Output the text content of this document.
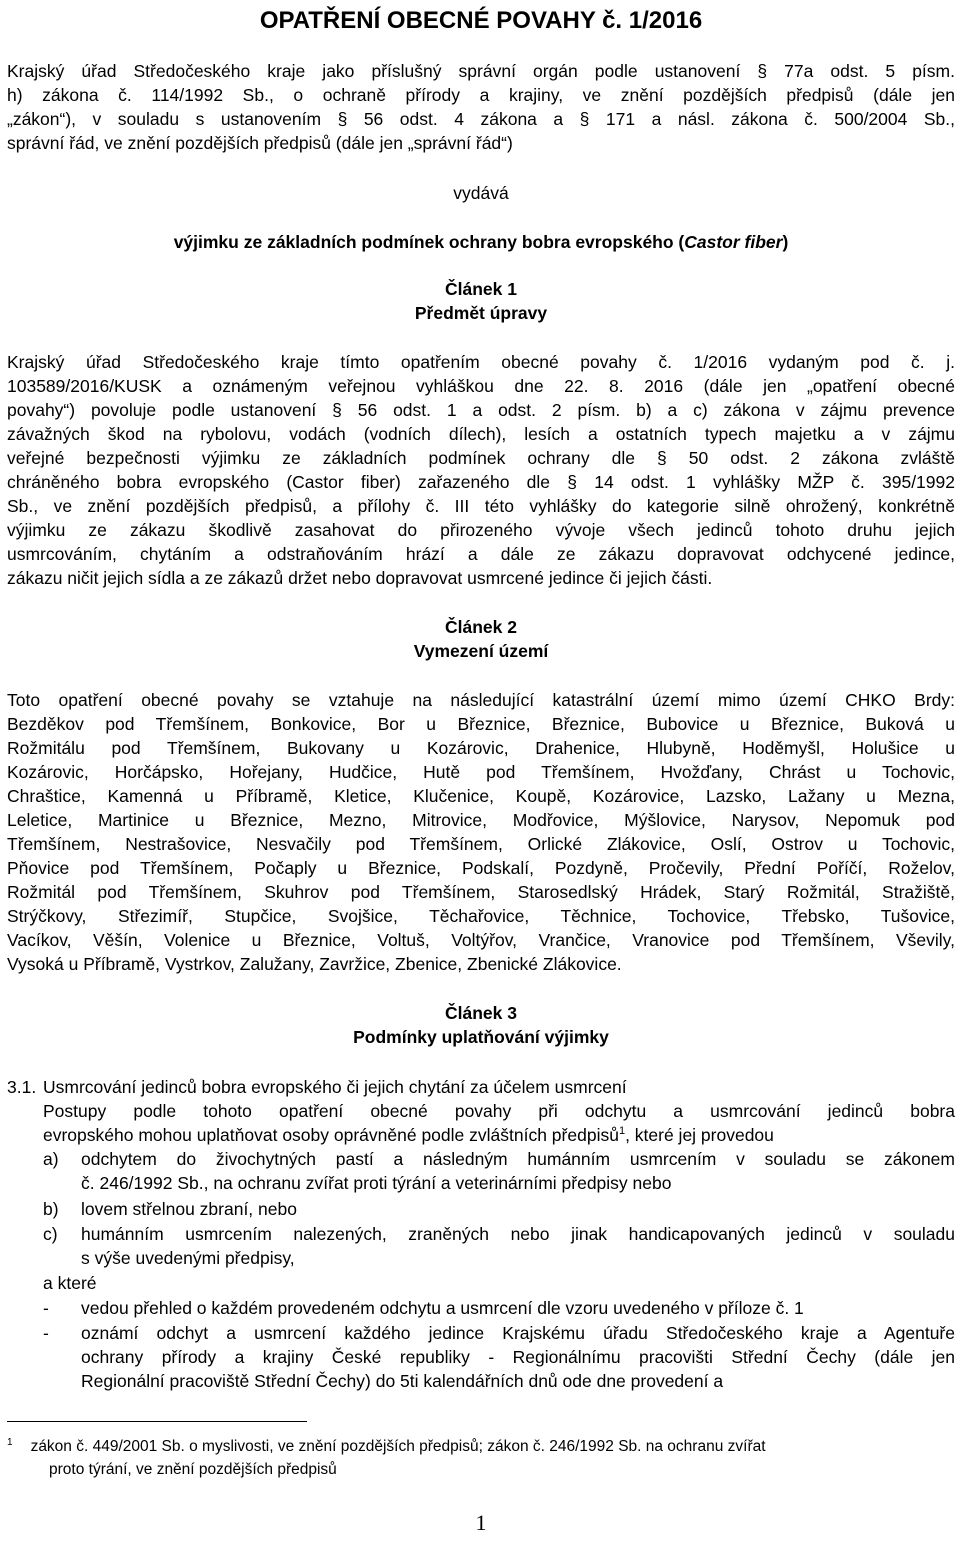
OPATŘENÍ OBECNÉ POVAHY č. 1/2016
Krajský úřad Středočeského kraje jako příslušný správní orgán podle ustanovení § 77a odst. 5 písm.
h) zákona č. 114/1992 Sb., o ochraně přírody a krajiny, ve znění pozdějších předpisů (dále jen
„zákon“), v souladu s ustanovením § 56 odst. 4 zákona a § 171 a násl. zákona č. 500/2004 Sb.,
správní řád, ve znění pozdějších předpisů (dále jen „správní řád“)
vydává
výjimku ze základních podmínek ochrany bobra evropského (Castor fiber)
Článek 1
Předmět úpravy
Krajský úřad Středočeského kraje tímto opatřením obecné povahy č. 1/2016 vydaným pod č. j.
103589/2016/KUSK a oznámeným veřejnou vyhláškou dne 22. 8. 2016 (dále jen „opatření obecné
povahy“) povoluje podle ustanovení § 56 odst. 1 a odst. 2 písm. b) a c) zákona v zájmu prevence
závažných škod na rybolovu, vodách (vodních dílech), lesích a ostatních typech majetku a v zájmu
veřejné bezpečnosti výjimku ze základních podmínek ochrany dle § 50 odst. 2 zákona zvláště
chráněného bobra evropského (Castor fiber) zařazeného dle § 14 odst. 1 vyhlášky MŽP č. 395/1992
Sb., ve znění pozdějších předpisů, a přílohy č. III této vyhlášky do kategorie silně ohrožený, konkrétně
výjimku ze zákazu škodlivě zasahovat do přirozeného vývoje všech jedinců tohoto druhu jejich
usmrcováním, chytáním a odstraňováním hrází a dále ze zákazu dopravovat odchycené jedince,
zákazu ničit jejich sídla a ze zákazů držet nebo dopravovat usmrcené jedince či jejich části.
Článek 2
Vymezení území
Toto opatření obecné povahy se vztahuje na následující katastrální území mimo území CHKO Brdy:
Bezděkov pod Třemšínem, Bonkovice, Bor u Březnice, Březnice, Bubovice u Březnice, Buková u
Rožmitálu pod Třemšínem, Bukovany u Kozárovic, Drahenice, Hlubyně, Hoděmyšl, Holušice u
Kozárovic, Horčápsko, Hořejany, Hudčice, Hutě pod Třemšínem, Hvožďany, Chrást u Tochovic,
Chraštice, Kamenná u Příbramě, Kletice, Klučenice, Koupě, Kozárovice, Lazsko, Lažany u Mezna,
Leletice, Martinice u Březnice, Mezno, Mitrovice, Modřovice, Mýšlovice, Narysov, Nepomuk pod
Třemšínem, Nestrašovice, Nesvačily pod Třemšínem, Orlické Zlákovice, Oslí, Ostrov u Tochovic,
Pňovice pod Třemšínem, Počaply u Březnice, Podskalí, Pozdyně, Pročevily, Přední Poříčí, Roželov,
Rožmitál pod Třemšínem, Skuhrov pod Třemšínem, Starosedlský Hrádek, Starý Rožmitál, Stražiště,
Strýčkovy, Střezimíř, Stupčice, Svojšice, Těchařovice, Těchnice, Tochovice, Třebsko, Tušovice,
Vacíkov, Věšín, Volenice u Březnice, Voltuš, Voltýřov, Vrančice, Vranovice pod Třemšínem, Vševily,
Vysoká u Příbramě, Vystrkov, Zalužany, Zavržice, Zbenice, Zbenické Zlákovice.
Článek 3
Podmínky uplatňování výjimky
3.1. Usmrcování jedinců bobra evropského či jejich chytání za účelem usmrcení
Postupy podle tohoto opatření obecné povahy při odchytu a usmrcování jedinců bobra
evropského mohou uplatňovat osoby oprávněné podle zvláštních předpisů$^1$, které jej provedou
a) odchytem do živochytných pastí a následným humánním usmrcením v souladu se zákonem
č. 246/1992 Sb., na ochranu zvířat proti týrání a veterinárními předpisy nebo
b) lovem střelnou zbraní, nebo
c) humánním usmrcením nalezených, zraněných nebo jinak handicapovaných jedinců v souladu
s výše uvedenými předpisy,
a které
- vedou přehled o každém provedeném odchytu a usmrcení dle vzoru uvedeného v příloze č. 1
- oznámí odchyt a usmrcení každého jedince Krajskému úřadu Středočeského kraje a Agentuře
ochrany přírody a krajiny České republiky - Regionálnímu pracovišti Střední Čechy (dále jen
Regionální pracoviště Střední Čechy) do 5ti kalendářních dnů ode dne provedení a
$^1$ zákon č. 449/2001 Sb. o myslivosti, ve znění pozdějších předpisů; zákon č. 246/1992 Sb. na ochranu zvířat
proto týrání, ve znění pozdějších předpisů
1
